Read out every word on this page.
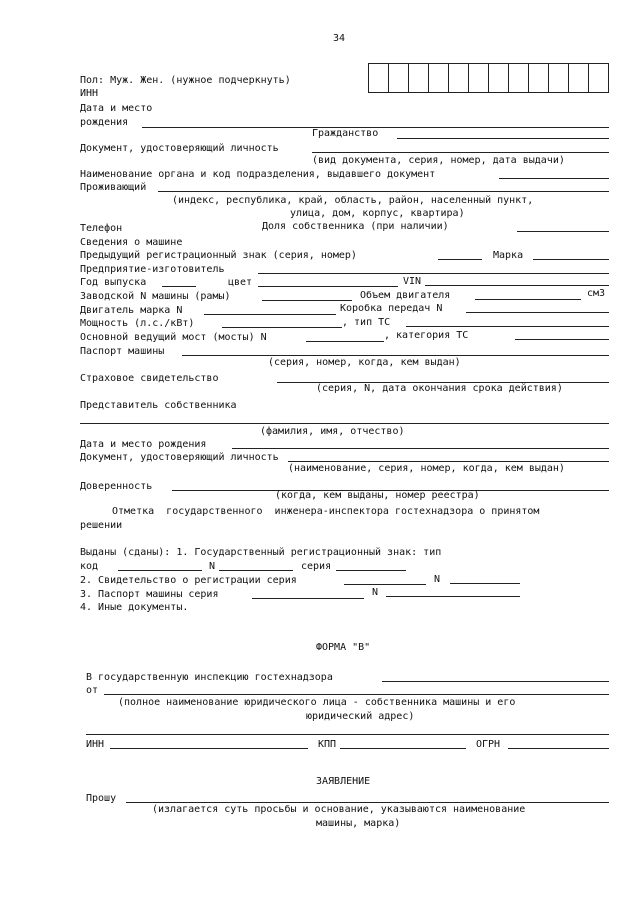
34
Пол: Муж. Жен. (нужное подчеркнуть)
ИНН
Дата и место
рождения
Гражданство
Документ, удостоверяющий личность
(вид документа, серия, номер, дата выдачи)
Наименование органа и код подразделения, выдавшего документ
Проживающий
(индекс, республика, край, область, район, населенный пункт,
улица, дом, корпус, квартира)
Телефон	Доля собственника (при наличии)
Сведения о машине
Предыдущий регистрационный знак (серия, номер)	Марка
Предприятие-изготовитель
Год выпуска	цвет	VIN
Заводской N машины (рамы)	Объем двигателя	см3
Двигатель марка N	Коробка передач N
Мощность (л.с./кВт)	, тип ТС
Основной ведущий мост (мосты) N	, категория ТС
Паспорт машины
(серия, номер, когда, кем выдан)
Страховое свидетельство
(серия, N, дата окончания срока действия)
Представитель собственника
(фамилия, имя, отчество)
Дата и место рождения
Документ, удостоверяющий личность
(наименование, серия, номер, когда, кем выдан)
Доверенность
(когда, кем выданы, номер реестра)
Отметка  государственного  инженера-инспектора гостехнадзора о принятом
решении
Выданы (сданы): 1. Государственный регистрационный знак: тип
код	N	серия
2. Свидетельство о регистрации серия	N
3. Паспорт машины серия	N
4. Иные документы.
ФОРМА "В"
В государственную инспекцию гостехнадзора
от
(полное наименование юридического лица - собственника машины и его
юридический адрес)
ИНН	КПП	ОГРН
ЗАЯВЛЕНИЕ
Прошу
(излагается суть просьбы и основание, указываются наименование
машины, марка)
